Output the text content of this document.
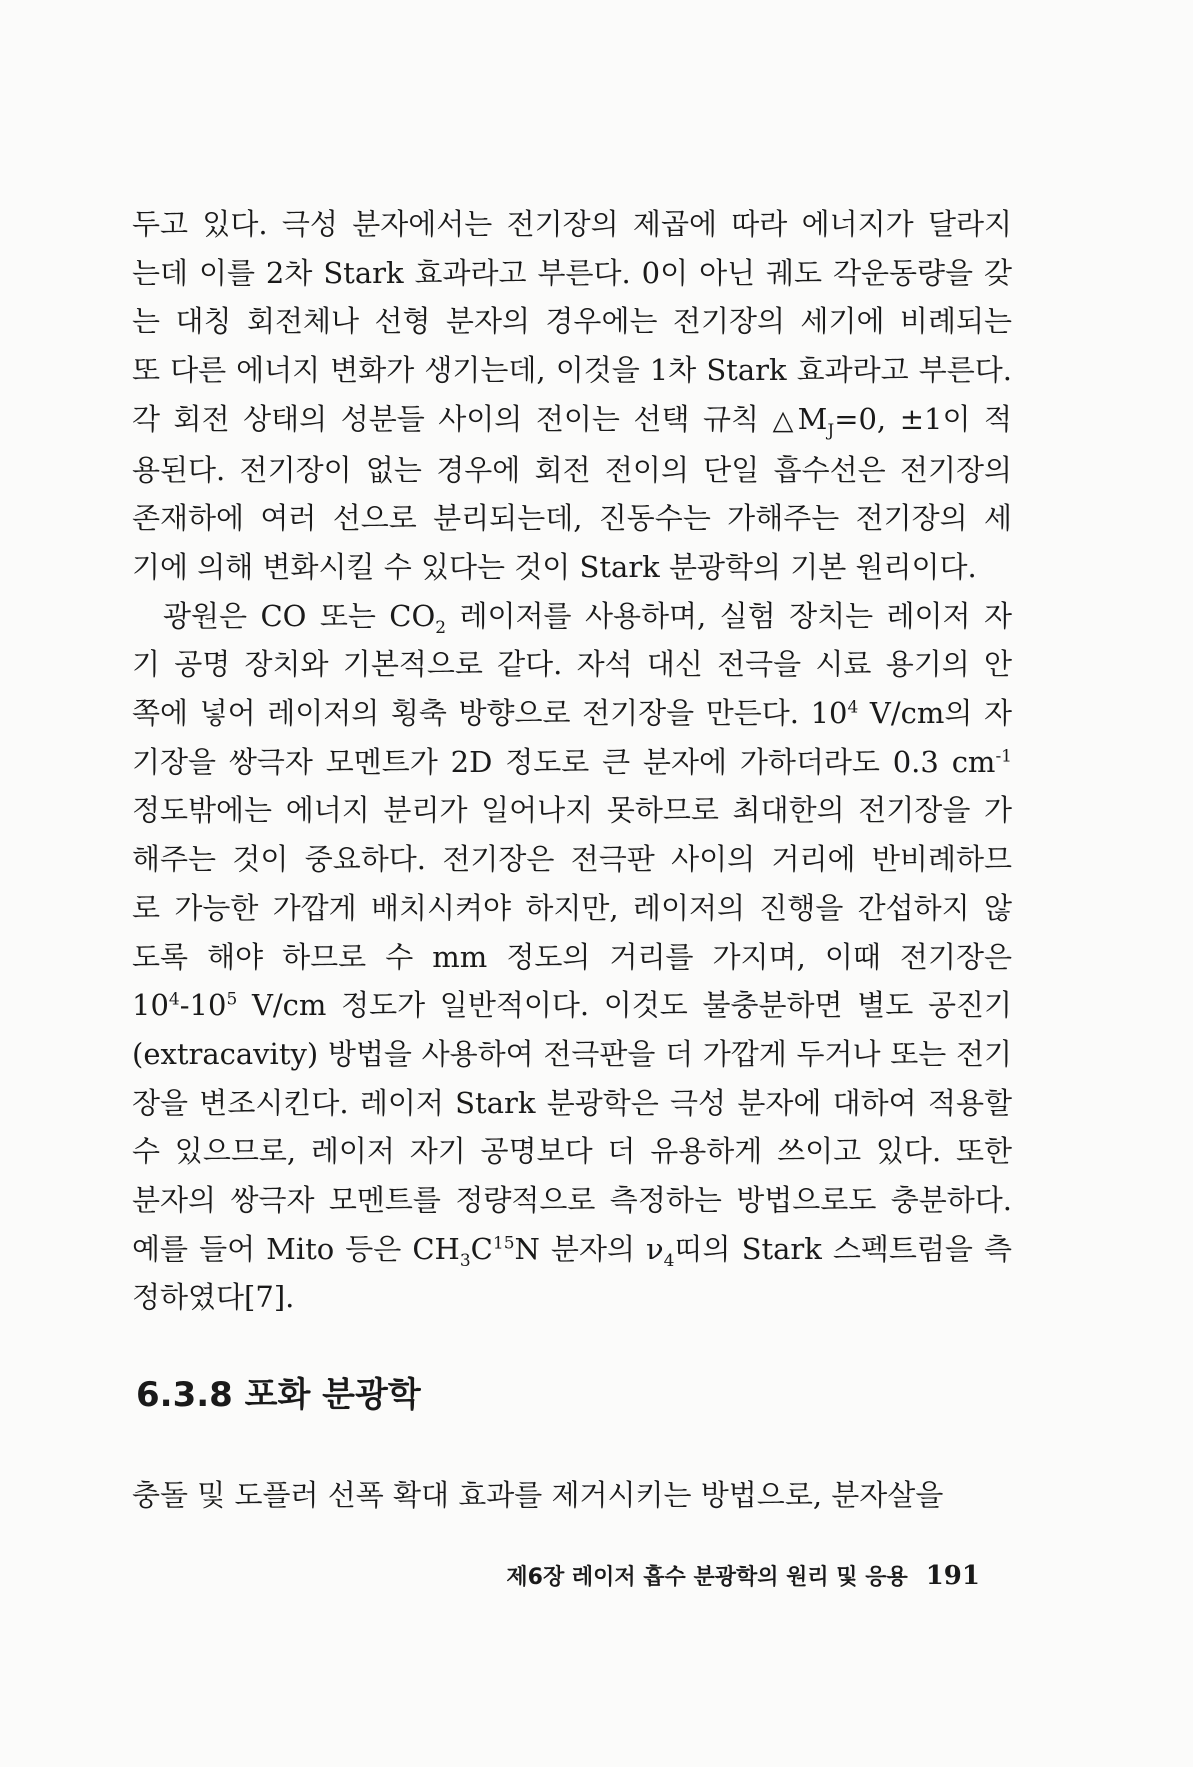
두고 있다. 극성 분자에서는 전기장의 제곱에 따라 에너지가 달라지
는데 이를 2차 Stark 효과라고 부른다. 0이 아닌 궤도 각운동량을 갖
는 대칭 회전체나 선형 분자의 경우에는 전기장의 세기에 비례되는
또 다른 에너지 변화가 생기는데, 이것을 1차 Stark 효과라고 부른다.
각 회전 상태의 성분들 사이의 전이는 선택 규칙 $\triangle M_J=0$, ±1이 적
용된다. 전기장이 없는 경우에 회전 전이의 단일 흡수선은 전기장의
존재하에 여러 선으로 분리되는데, 진동수는 가해주는 전기장의 세
기에 의해 변화시킬 수 있다는 것이 Stark 분광학의 기본 원리이다.
광원은 CO 또는 $CO_2$ 레이저를 사용하며, 실험 장치는 레이저 자
기 공명 장치와 기본적으로 같다. 자석 대신 전극을 시료 용기의 안
쪽에 넣어 레이저의 횡축 방향으로 전기장을 만든다. $10^4$ V/cm의 자
기장을 쌍극자 모멘트가 2D 정도로 큰 분자에 가하더라도 0.3 $cm^{-1}$
정도밖에는 에너지 분리가 일어나지 못하므로 최대한의 전기장을 가
해주는 것이 중요하다. 전기장은 전극판 사이의 거리에 반비례하므
로 가능한 가깝게 배치시켜야 하지만, 레이저의 진행을 간섭하지 않
도록 해야 하므로 수 mm 정도의 거리를 가지며, 이때 전기장은
$10^4-10^5$ V/cm 정도가 일반적이다. 이것도 불충분하면 별도 공진기
(extracavity) 방법을 사용하여 전극판을 더 가깝게 두거나 또는 전기
장을 변조시킨다. 레이저 Stark 분광학은 극성 분자에 대하여 적용할
수 있으므로, 레이저 자기 공명보다 더 유용하게 쓰이고 있다. 또한
분자의 쌍극자 모멘트를 정량적으로 측정하는 방법으로도 충분하다.
예를 들어 Mito 등은 $CH_3C^{15}N$ 분자의 $\nu_4$띠의 Stark 스펙트럼을 측
정하였다[7].
6.3.8 포화 분광학
충돌 및 도플러 선폭 확대 효과를 제거시키는 방법으로, 분자살을
제6장 레이저 흡수 분광학의 원리 및 응용 191
